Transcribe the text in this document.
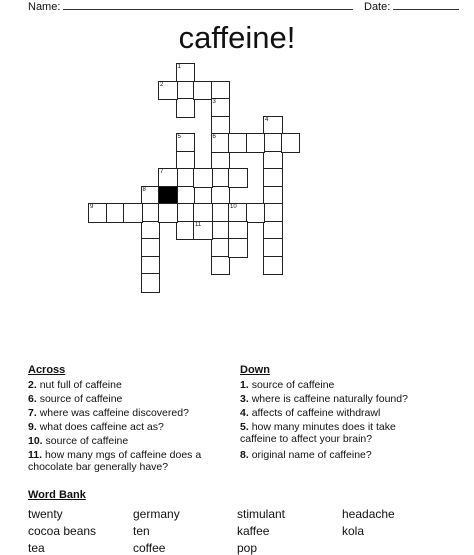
Name:	Date:
caffeine!
1
2
3
4
5	6
7
8
9	10
11
Across
2. nut full of caffeine
6. source of caffeine
7. where was caffeine discovered?
9. what does caffeine act as?
10. source of caffeine
11. how many mgs of caffeine does a
chocolate bar generally have?
Down
1. source of caffeine
3. where is caffeine naturally found?
4. affects of caffeine withdrawl
5. how many minutes does it take
caffeine to affect your brain?
8. original name of caffeine?
Word Bank
twenty	germany	stimulant	headache
cocoa beans	ten	kaffee	kola
tea	coffee	pop
